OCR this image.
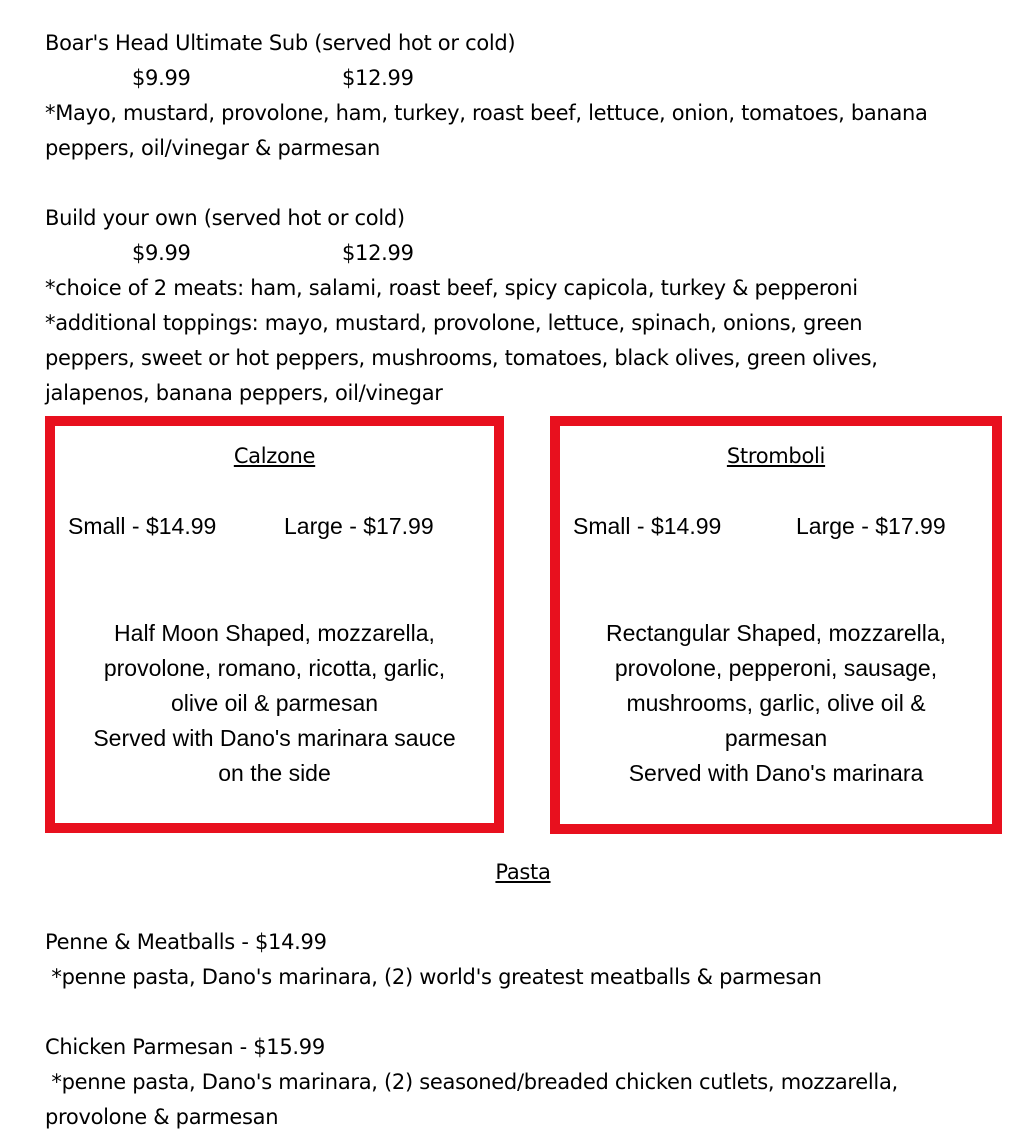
Boar's Head Ultimate Sub (served hot or cold)
$9.99	$12.99
*Mayo, mustard, provolone, ham, turkey, roast beef, lettuce, onion, tomatoes, banana peppers, oil/vinegar & parmesan
Build your own (served hot or cold)
$9.99	$12.99
*choice of 2 meats: ham, salami, roast beef, spicy capicola, turkey & pepperoni
*additional toppings: mayo, mustard, provolone, lettuce, spinach, onions, green peppers, sweet or hot peppers, mushrooms, tomatoes, black olives, green olives, jalapenos, banana peppers, oil/vinegar
Calzone
Small - $14.99	Large - $17.99
Half Moon Shaped, mozzarella,
provolone, romano, ricotta, garlic,
olive oil & parmesan
Served with Dano's marinara sauce
on the side
Stromboli
Small - $14.99	Large - $17.99
Rectangular Shaped, mozzarella,
provolone, pepperoni, sausage,
mushrooms, garlic, olive oil &
parmesan
Served with Dano's marinara
Pasta
Penne & Meatballs - $14.99
*penne pasta, Dano's marinara, (2) world's greatest meatballs & parmesan
Chicken Parmesan - $15.99
*penne pasta, Dano's marinara, (2) seasoned/breaded chicken cutlets, mozzarella,
provolone & parmesan
